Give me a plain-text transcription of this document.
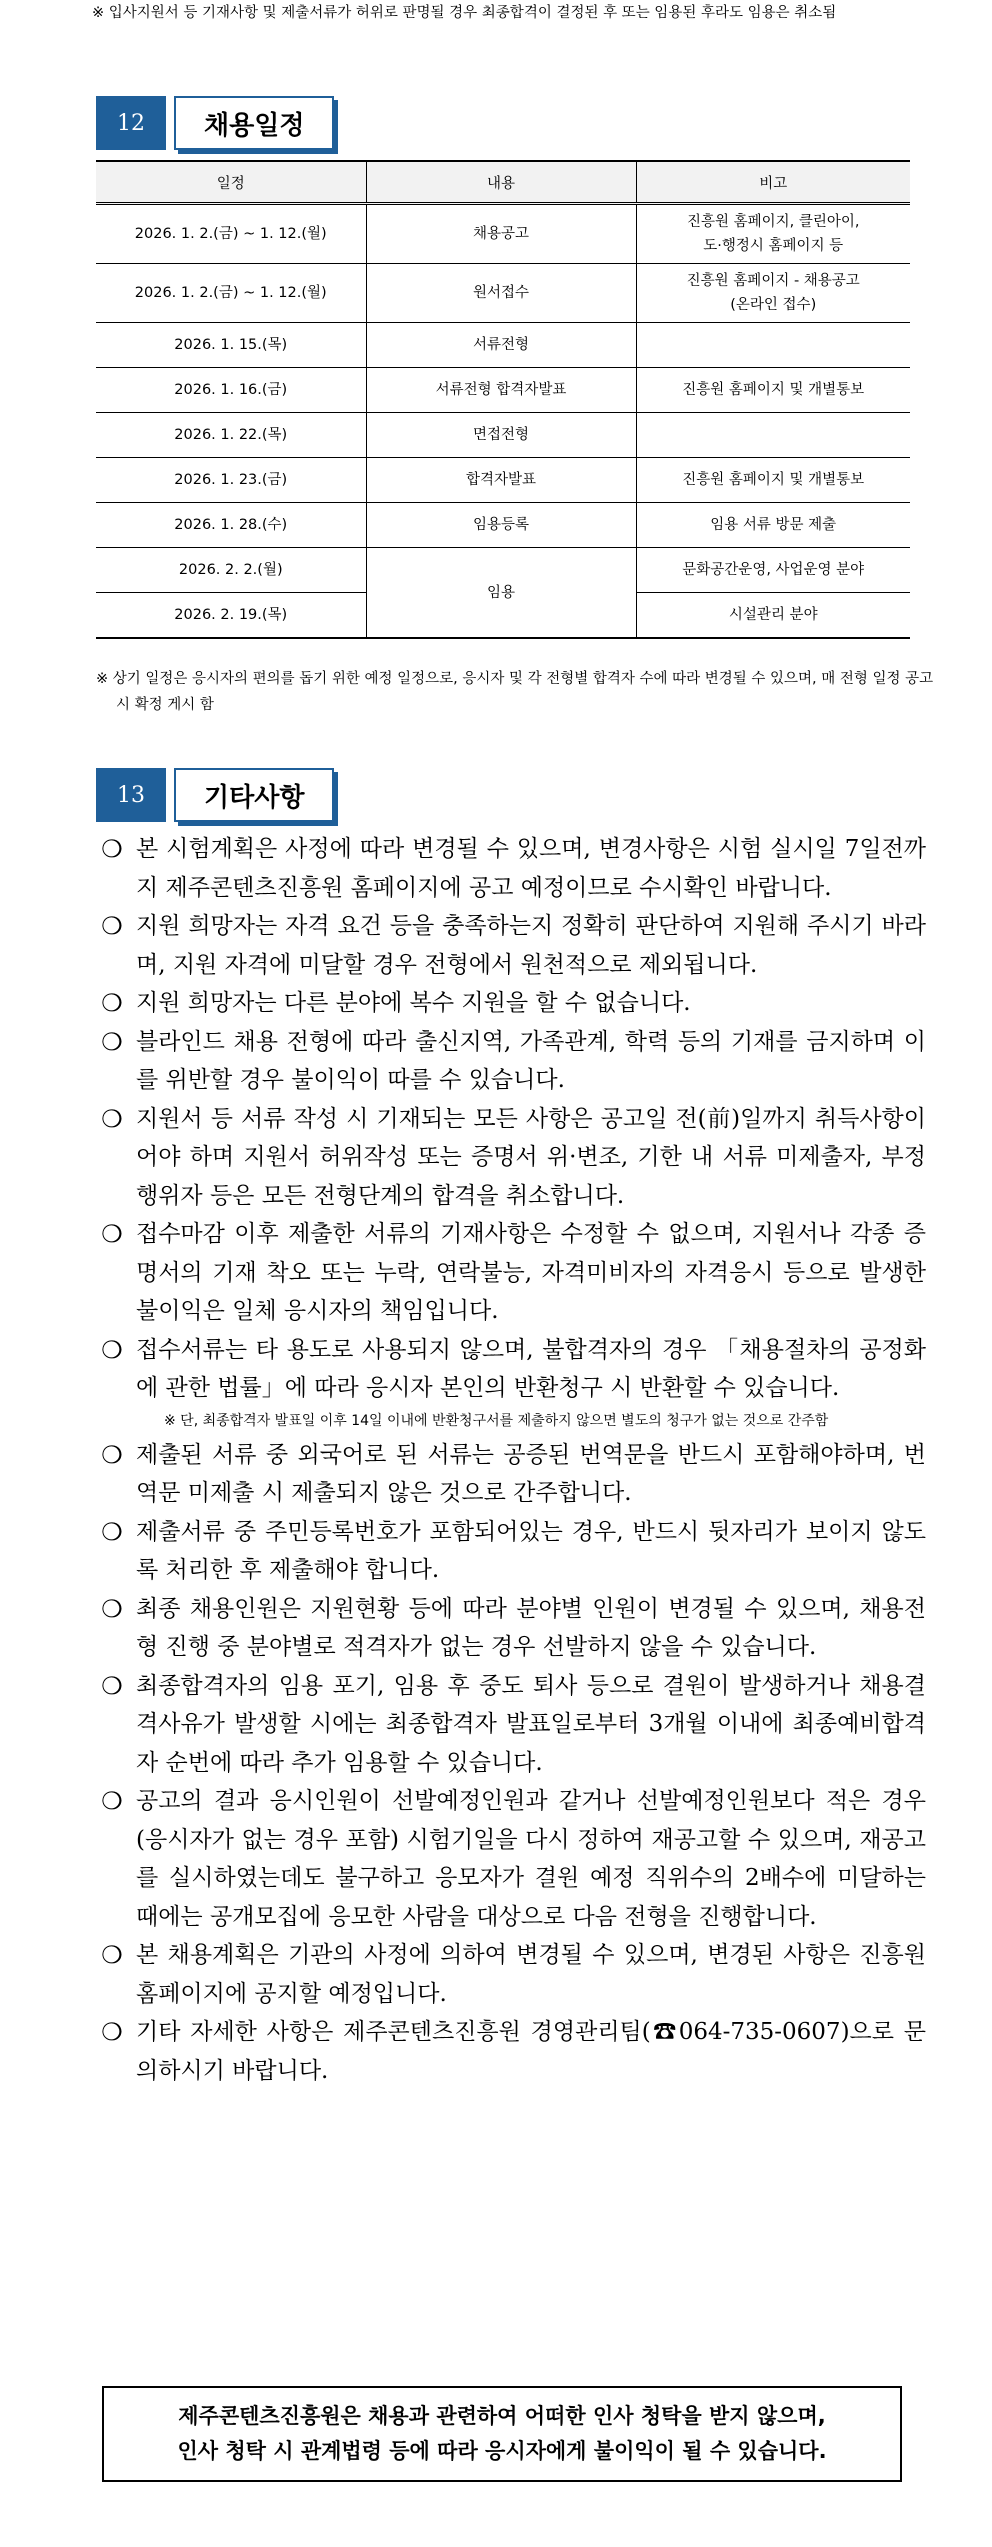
※ 입사지원서 등 기재사항 및 제출서류가 허위로 판명될 경우 최종합격이 결정된 후 또는 임용된 후라도 임용은 취소됨
12	채용일정
일정	내용	비고
2026. 1. 2.(금) ~ 1. 12.(월)	채용공고	진흥원 홈페이지, 클린아이,
도·행정시 홈페이지 등
2026. 1. 2.(금) ~ 1. 12.(월)	원서접수	진흥원 홈페이지 - 채용공고
(온라인 접수)
2026. 1. 15.(목)	서류전형	
2026. 1. 16.(금)	서류전형 합격자발표	진흥원 홈페이지 및 개별통보
2026. 1. 22.(목)	면접전형	
2026. 1. 23.(금)	합격자발표	진흥원 홈페이지 및 개별통보
2026. 1. 28.(수)	임용등록	임용 서류 방문 제출
2026. 2. 2.(월)	임용	문화공간운영, 사업운영 분야
2026. 2. 19.(목)		시설관리 분야
※ 상기 일정은 응시자의 편의를 돕기 위한 예정 일정으로, 응시자 및 각 전형별 합격자 수에 따라 변경될 수 있으며, 매 전형 일정 공고 시 확정 게시 함
13	기타사항
❍ 본 시험계획은 사정에 따라 변경될 수 있으며, 변경사항은 시험 실시일 7일전까지 제주콘텐츠진흥원 홈페이지에 공고 예정이므로 수시확인 바랍니다.
❍ 지원 희망자는 자격 요건 등을 충족하는지 정확히 판단하여 지원해 주시기 바라며, 지원 자격에 미달할 경우 전형에서 원천적으로 제외됩니다.
❍ 지원 희망자는 다른 분야에 복수 지원을 할 수 없습니다.
❍ 블라인드 채용 전형에 따라 출신지역, 가족관계, 학력 등의 기재를 금지하며 이를 위반할 경우 불이익이 따를 수 있습니다.
❍ 지원서 등 서류 작성 시 기재되는 모든 사항은 공고일 전(前)일까지 취득사항이어야 하며 지원서 허위작성 또는 증명서 위·변조, 기한 내 서류 미제출자, 부정행위자 등은 모든 전형단계의 합격을 취소합니다.
❍ 접수마감 이후 제출한 서류의 기재사항은 수정할 수 없으며, 지원서나 각종 증명서의 기재 착오 또는 누락, 연락불능, 자격미비자의 자격응시 등으로 발생한 불이익은 일체 응시자의 책임입니다.
❍ 접수서류는 타 용도로 사용되지 않으며, 불합격자의 경우 「채용절차의 공정화에 관한 법률」에 따라 응시자 본인의 반환청구 시 반환할 수 있습니다.
※ 단, 최종합격자 발표일 이후 14일 이내에 반환청구서를 제출하지 않으면 별도의 청구가 없는 것으로 간주함
❍ 제출된 서류 중 외국어로 된 서류는 공증된 번역문을 반드시 포함해야하며, 번역문 미제출 시 제출되지 않은 것으로 간주합니다.
❍ 제출서류 중 주민등록번호가 포함되어있는 경우, 반드시 뒷자리가 보이지 않도록 처리한 후 제출해야 합니다.
❍ 최종 채용인원은 지원현황 등에 따라 분야별 인원이 변경될 수 있으며, 채용전형 진행 중 분야별로 적격자가 없는 경우 선발하지 않을 수 있습니다.
❍ 최종합격자의 임용 포기, 임용 후 중도 퇴사 등으로 결원이 발생하거나 채용결격사유가 발생할 시에는 최종합격자 발표일로부터 3개월 이내에 최종예비합격자 순번에 따라 추가 임용할 수 있습니다.
❍ 공고의 결과 응시인원이 선발예정인원과 같거나 선발예정인원보다 적은 경우(응시자가 없는 경우 포함) 시험기일을 다시 정하여 재공고할 수 있으며, 재공고를 실시하였는데도 불구하고 응모자가 결원 예정 직위수의 2배수에 미달하는 때에는 공개모집에 응모한 사람을 대상으로 다음 전형을 진행합니다.
❍ 본 채용계획은 기관의 사정에 의하여 변경될 수 있으며, 변경된 사항은 진흥원 홈페이지에 공지할 예정입니다.
❍ 기타 자세한 사항은 제주콘텐츠진흥원 경영관리팀(☎064-735-0607)으로 문의하시기 바랍니다.
제주콘텐츠진흥원은 채용과 관련하여 어떠한 인사 청탁을 받지 않으며,
인사 청탁 시 관계법령 등에 따라 응시자에게 불이익이 될 수 있습니다.
